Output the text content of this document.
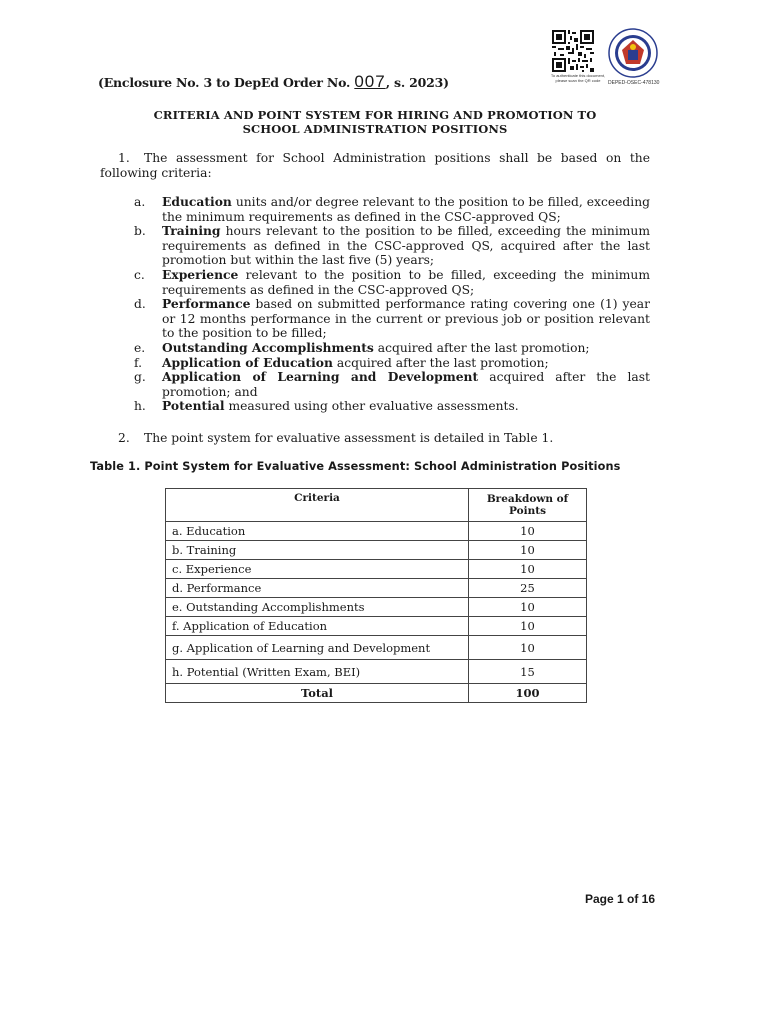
To authenticate this document, please scan the QR code	DEPED-OSEC-478130
(Enclosure No. 3 to DepEd Order No. 007, s. 2023)
CRITERIA AND POINT SYSTEM FOR HIRING AND PROMOTION TO
SCHOOL ADMINISTRATION POSITIONS
1. The assessment for School Administration positions shall be based on the following criteria:
a. Education units and/or degree relevant to the position to be filled, exceeding the minimum requirements as defined in the CSC-approved QS;
b. Training hours relevant to the position to be filled, exceeding the minimum requirements as defined in the CSC-approved QS, acquired after the last promotion but within the last five (5) years;
c. Experience relevant to the position to be filled, exceeding the minimum requirements as defined in the CSC-approved QS;
d. Performance based on submitted performance rating covering one (1) year or 12 months performance in the current or previous job or position relevant to the position to be filled;
e. Outstanding Accomplishments acquired after the last promotion;
f. Application of Education acquired after the last promotion;
g. Application of Learning and Development acquired after the last promotion; and
h. Potential measured using other evaluative assessments.
2. The point system for evaluative assessment is detailed in Table 1.
Table 1. Point System for Evaluative Assessment: School Administration Positions
Criteria	Breakdown of Points
a. Education	10
b. Training	10
c. Experience	10
d. Performance	25
e. Outstanding Accomplishments	10
f. Application of Education	10
g. Application of Learning and Development	10
h. Potential (Written Exam, BEI)	15
Total	100
Page 1 of 16
